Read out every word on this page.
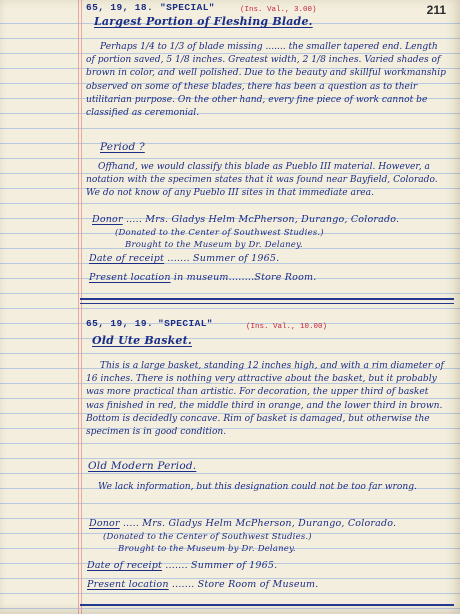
211
65, 19, 18. "SPECIAL"	(Ins. Val., 3.00)
Largest Portion of Fleshing Blade.
Perhaps 1/4 to 1/3 of blade missing ....... the smaller tapered end. Length of portion saved, 5 1/8 inches. Greatest width, 2 1/8 inches. Varied shades of brown in color, and well polished. Due to the beauty and skillful workmanship observed on some of these blades, there has been a question as to their utilitarian purpose. On the other hand, every fine piece of work cannot be classified as ceremonial.
Period ?
Offhand, we would classify this blade as Pueblo III material. However, a notation with the specimen states that it was found near Bayfield, Colorado. We do not know of any Pueblo III sites in that immediate area.
Donor ..... Mrs. Gladys Helm McPherson, Durango, Colorado.
(Donated to the Center of Southwest Studies.)
Brought to the Museum by Dr. Delaney.
Date of receipt ....... Summer of 1965.
Present location in museum........Store Room.
65, 19, 19. "SPECIAL"	(Ins. Val., 10.00)
Old Ute Basket.
This is a large basket, standing 12 inches high, and with a rim diameter of 16 inches. There is nothing very attractive about the basket, but it probably was more practical than artistic. For decoration, the upper third of basket was finished in red, the middle third in orange, and the lower third in brown. Bottom is decidedly concave. Rim of basket is damaged, but otherwise the specimen is in good condition.
Old Modern Period.
We lack information, but this designation could not be too far wrong.
Donor ..... Mrs. Gladys Helm McPherson, Durango, Colorado.
(Donated to the Center of Southwest Studies.)
Brought to the Museum by Dr. Delaney.
Date of receipt ....... Summer of 1965.
Present location ....... Store Room of Museum.
